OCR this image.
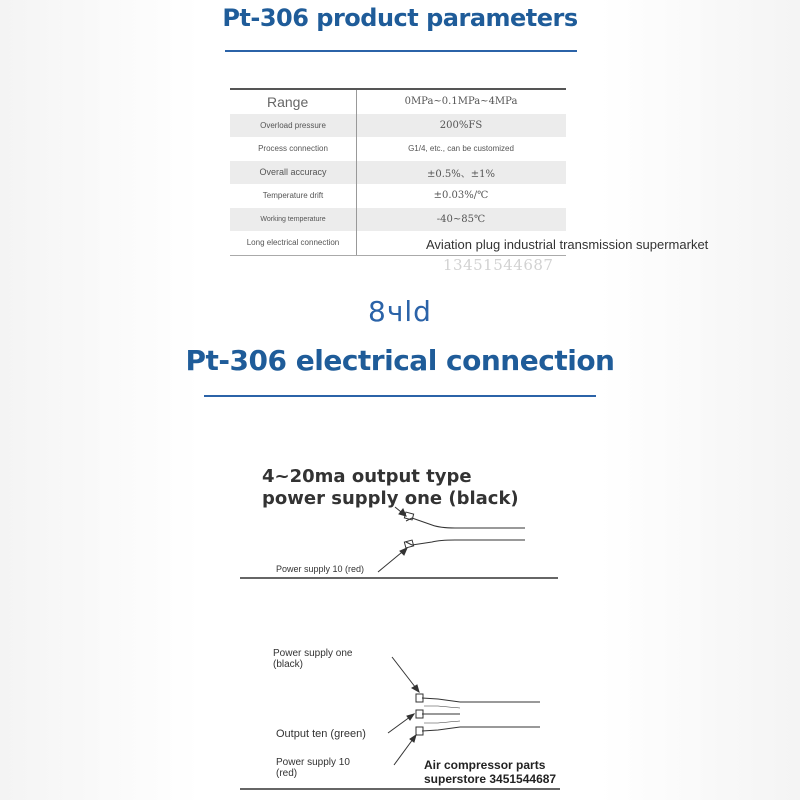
Pt-306 product parameters
Range	0MPa~0.1MPa~4MPa
Overload pressure	200%FS
Process connection	G1/4, etc., can be customized
Overall accuracy	±0.5%、±1%
Temperature drift	±0.03%/℃
Working temperature	-40~85℃
Long electrical connection	Aviation plug industrial transmission supermarket
13451544687
8чld
Pt-306 electrical connection
4~20ma output type
power supply one (black)
Power supply 10 (red)
Power supply one
(black)
Output ten (green)
Power supply 10
(red)
Air compressor parts
superstore 3451544687
